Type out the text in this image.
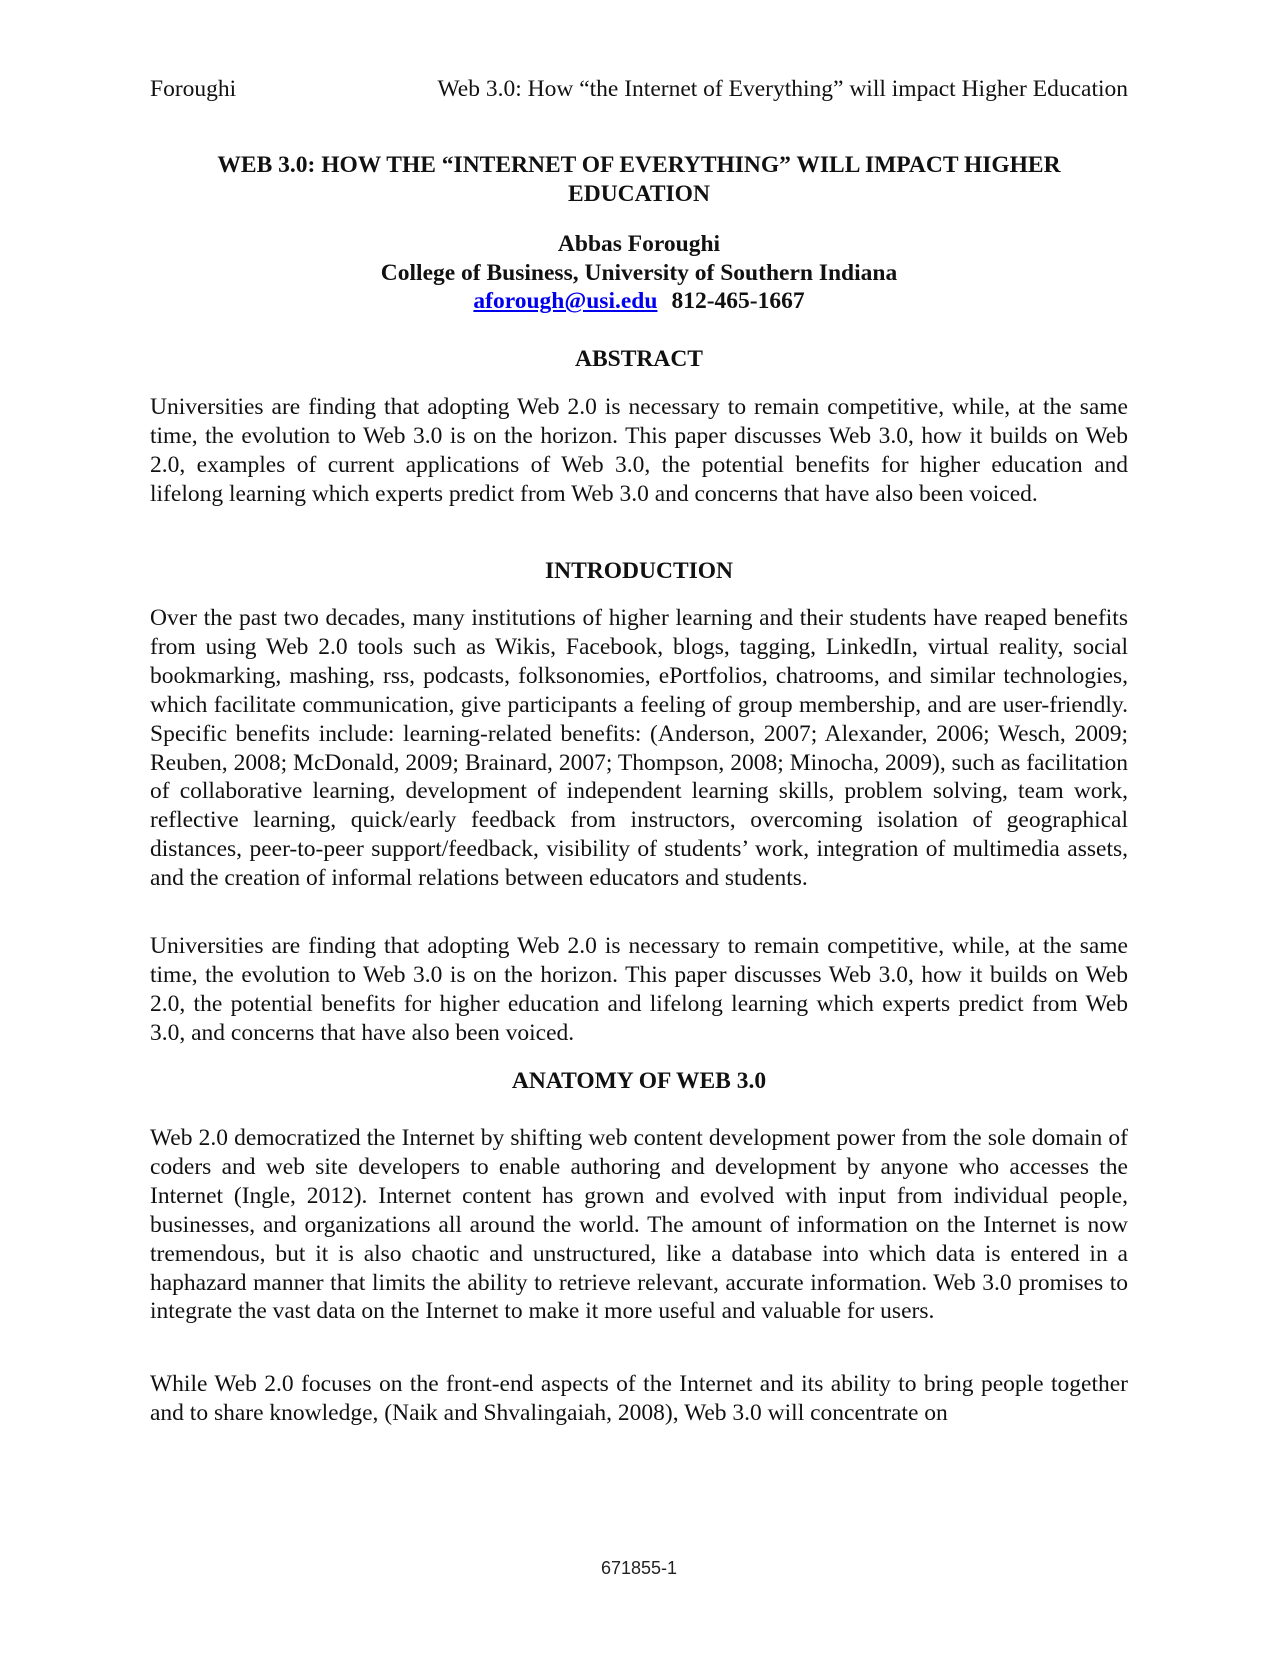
Foroughi	Web 3.0: How “the Internet of Everything” will impact Higher Education
WEB 3.0: HOW THE “INTERNET OF EVERYTHING” WILL IMPACT HIGHER
EDUCATION
Abbas Foroughi
College of Business, University of Southern Indiana
aforough@usi.edu 812-465-1667
ABSTRACT

Universities are finding that adopting Web 2.0 is necessary to remain competitive, while, at the same time, the evolution to Web 3.0 is on the horizon. This paper discusses Web 3.0, how it builds on Web 2.0, examples of current applications of Web 3.0, the potential benefits for higher education and lifelong learning which experts predict from Web 3.0 and concerns that have also been voiced.

INTRODUCTION

Over the past two decades, many institutions of higher learning and their students have reaped benefits from using Web 2.0 tools such as Wikis, Facebook, blogs, tagging, LinkedIn, virtual reality, social bookmarking, mashing, rss, podcasts, folksonomies, ePortfolios, chatrooms, and similar technologies, which facilitate communication, give participants a feeling of group membership, and are user-friendly. Specific benefits include: learning-related benefits: (Anderson, 2007; Alexander, 2006; Wesch, 2009; Reuben, 2008; McDonald, 2009; Brainard, 2007; Thompson, 2008; Minocha, 2009), such as facilitation of collaborative learning, development of independent learning skills, problem solving, team work, reflective learning, quick/early feedback from instructors, overcoming isolation of geographical distances, peer-to-peer support/feedback, visibility of students’ work, integration of multimedia assets, and the creation of informal relations between educators and students.

Universities are finding that adopting Web 2.0 is necessary to remain competitive, while, at the same time, the evolution to Web 3.0 is on the horizon. This paper discusses Web 3.0, how it builds on Web 2.0, the potential benefits for higher education and lifelong learning which experts predict from Web 3.0, and concerns that have also been voiced.

ANATOMY OF WEB 3.0

Web 2.0 democratized the Internet by shifting web content development power from the sole domain of coders and web site developers to enable authoring and development by anyone who accesses the Internet (Ingle, 2012). Internet content has grown and evolved with input from individual people, businesses, and organizations all around the world. The amount of information on the Internet is now tremendous, but it is also chaotic and unstructured, like a database into which data is entered in a haphazard manner that limits the ability to retrieve relevant, accurate information. Web 3.0 promises to integrate the vast data on the Internet to make it more useful and valuable for users.

While Web 2.0 focuses on the front-end aspects of the Internet and its ability to bring people together and to share knowledge, (Naik and Shvalingaiah, 2008), Web 3.0 will concentrate on

671855-1
